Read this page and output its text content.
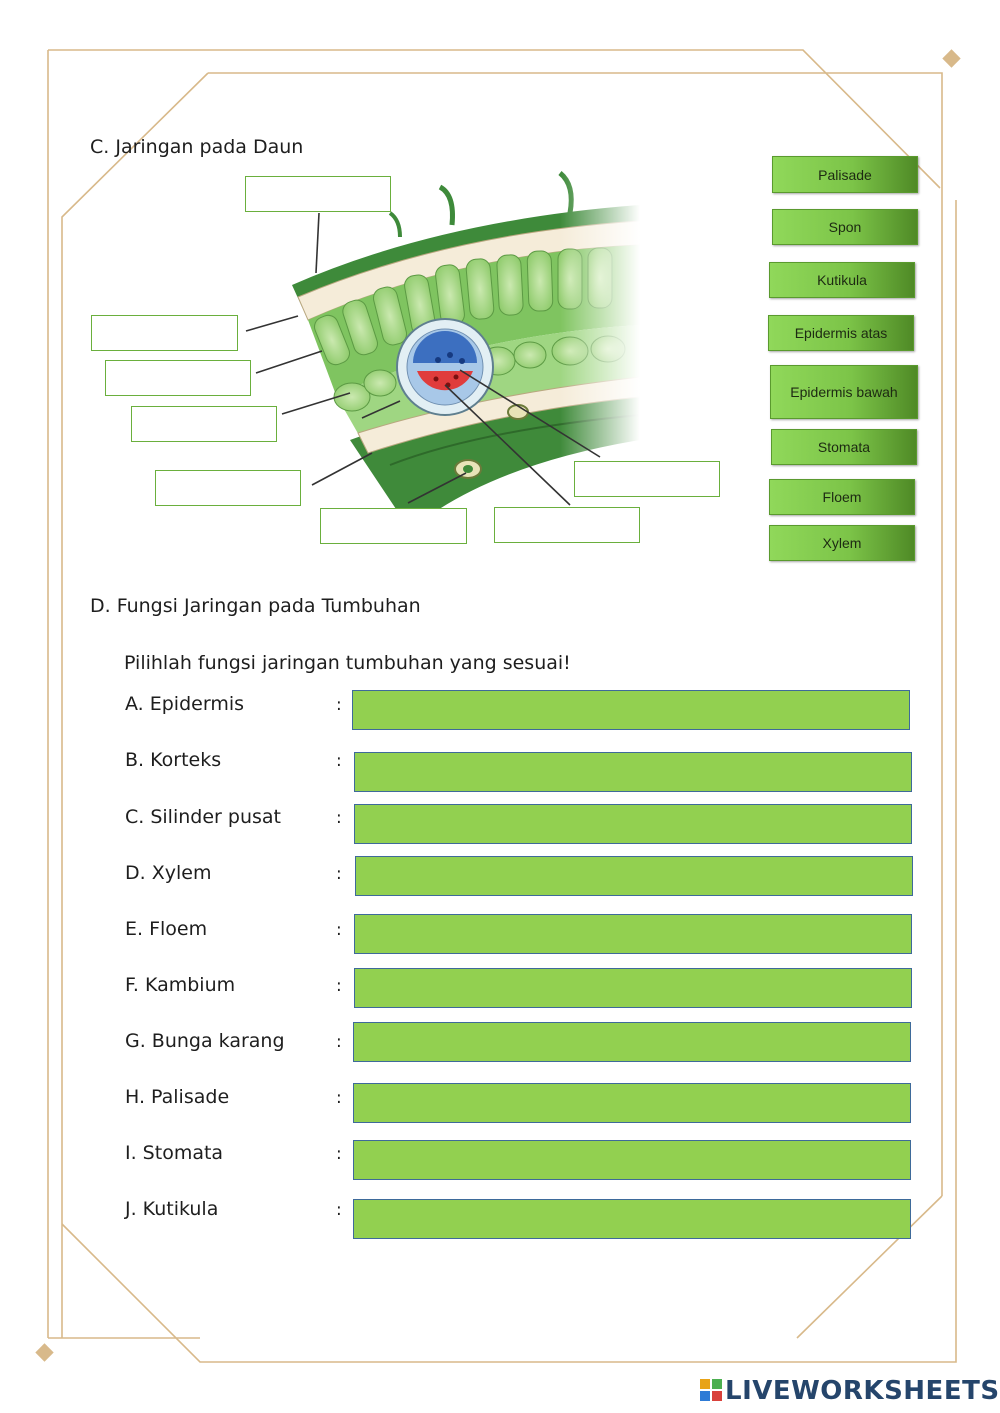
C. Jaringan pada Daun
Palisade
Spon
Kutikula
Epidermis atas
Epidermis bawah
Stomata
Floem
Xylem
D. Fungsi Jaringan pada Tumbuhan
Pilihlah fungsi jaringan tumbuhan yang sesuai!
A. Epidermis	:
B. Korteks	:
C. Silinder pusat	:
D. Xylem	:
E. Floem	:
F. Kambium	:
G. Bunga karang	:
H. Palisade	:
I. Stomata	:
J. Kutikula	:
LIVEWORKSHEETS
